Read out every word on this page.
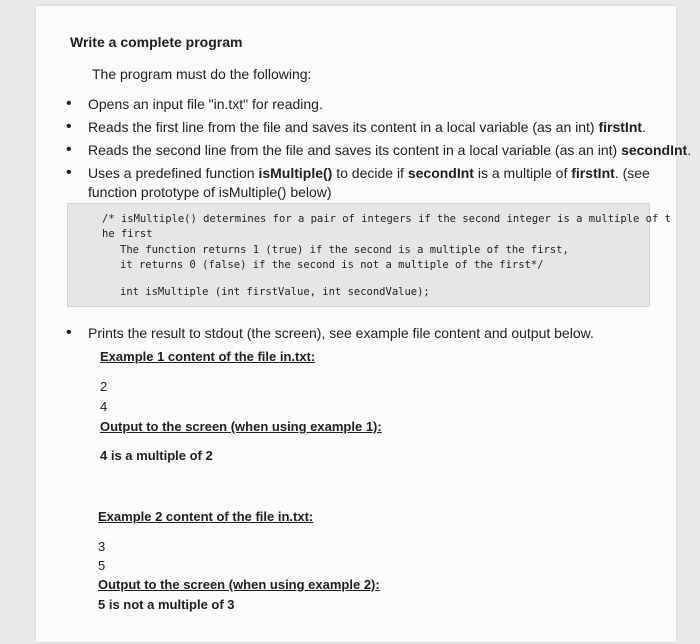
Write a complete program
The program must do the following:
• Opens an input file "in.txt" for reading.
• Reads the first line from the file and saves its content in a local variable (as an int) firstInt.
• Reads the second line from the file and saves its content in a local variable (as an int) secondInt.
• Uses a predefined function isMultiple() to decide if secondInt is a multiple of firstInt. (see
function prototype of isMultiple() below)
/* isMultiple() determines for a pair of integers if the second integer is a multiple of t
he first
The function returns 1 (true) if the second is a multiple of the first,
it returns 0 (false) if the second is not a multiple of the first*/
int isMultiple (int firstValue, int secondValue);
• Prints the result to stdout (the screen), see example file content and output below.
Example 1 content of the file in.txt:
2
4
Output to the screen (when using example 1):
4 is a multiple of 2
Example 2 content of the file in.txt:
3
5
Output to the screen (when using example 2):
5 is not a multiple of 3
